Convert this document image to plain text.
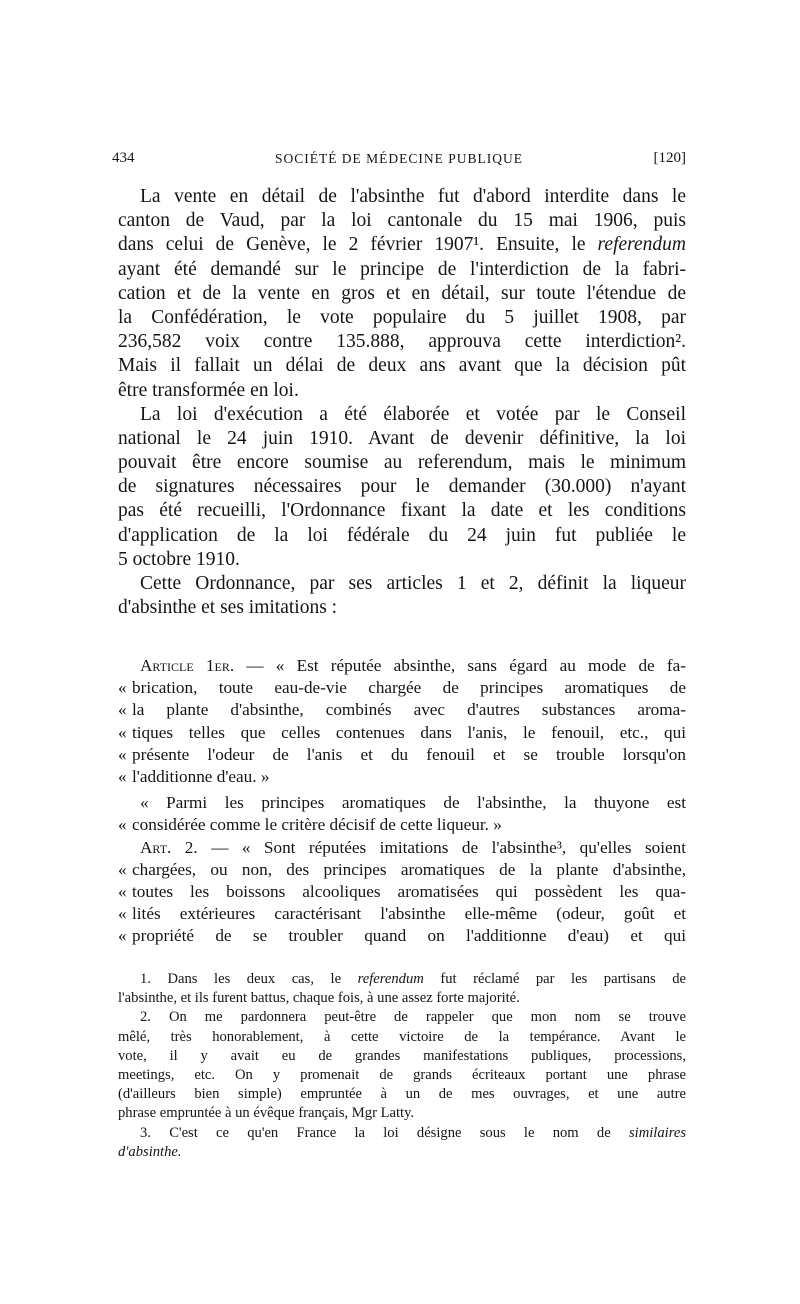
434	SOCIÉTÉ DE MÉDECINE PUBLIQUE	[120]
La vente en détail de l'absinthe fut d'abord interdite dans le
canton de Vaud, par la loi cantonale du 15 mai 1906, puis
dans celui de Genève, le 2 février 1907¹. Ensuite, le referendum
ayant été demandé sur le principe de l'interdiction de la fabri-
cation et de la vente en gros et en détail, sur toute l'étendue de
la Confédération, le vote populaire du 5 juillet 1908, par
236,582 voix contre 135.888, approuva cette interdiction².
Mais il fallait un délai de deux ans avant que la décision pût
être transformée en loi.
La loi d'exécution a été élaborée et votée par le Conseil
national le 24 juin 1910. Avant de devenir définitive, la loi
pouvait être encore soumise au referendum, mais le minimum
de signatures nécessaires pour le demander (30.000) n'ayant
pas été recueilli, l'Ordonnance fixant la date et les conditions
d'application de la loi fédérale du 24 juin fut publiée le
5 octobre 1910.
Cette Ordonnance, par ses articles 1 et 2, définit la liqueur
d'absinthe et ses imitations :
Article 1er. — « Est réputée absinthe, sans égard au mode de fa-
« brication, toute eau-de-vie chargée de principes aromatiques de
« la plante d'absinthe, combinés avec d'autres substances aroma-
« tiques telles que celles contenues dans l'anis, le fenouil, etc., qui
« présente l'odeur de l'anis et du fenouil et se trouble lorsqu'on
« l'additionne d'eau. »
« Parmi les principes aromatiques de l'absinthe, la thuyone est
« considérée comme le critère décisif de cette liqueur. »
Art. 2. — « Sont réputées imitations de l'absinthe³, qu'elles soient
« chargées, ou non, des principes aromatiques de la plante d'absinthe,
« toutes les boissons alcooliques aromatisées qui possèdent les qua-
« lités extérieures caractérisant l'absinthe elle-même (odeur, goût et
« propriété de se troubler quand on l'additionne d'eau) et qui
1. Dans les deux cas, le referendum fut réclamé par les partisans de
l'absinthe, et ils furent battus, chaque fois, à une assez forte majorité.
2. On me pardonnera peut-être de rappeler que mon nom se trouve
mêlé, très honorablement, à cette victoire de la tempérance. Avant le
vote, il y avait eu de grandes manifestations publiques, processions,
meetings, etc. On y promenait de grands écriteaux portant une phrase
(d'ailleurs bien simple) empruntée à un de mes ouvrages, et une autre
phrase empruntée à un évêque français, Mgr Latty.
3. C'est ce qu'en France la loi désigne sous le nom de similaires
d'absinthe.
